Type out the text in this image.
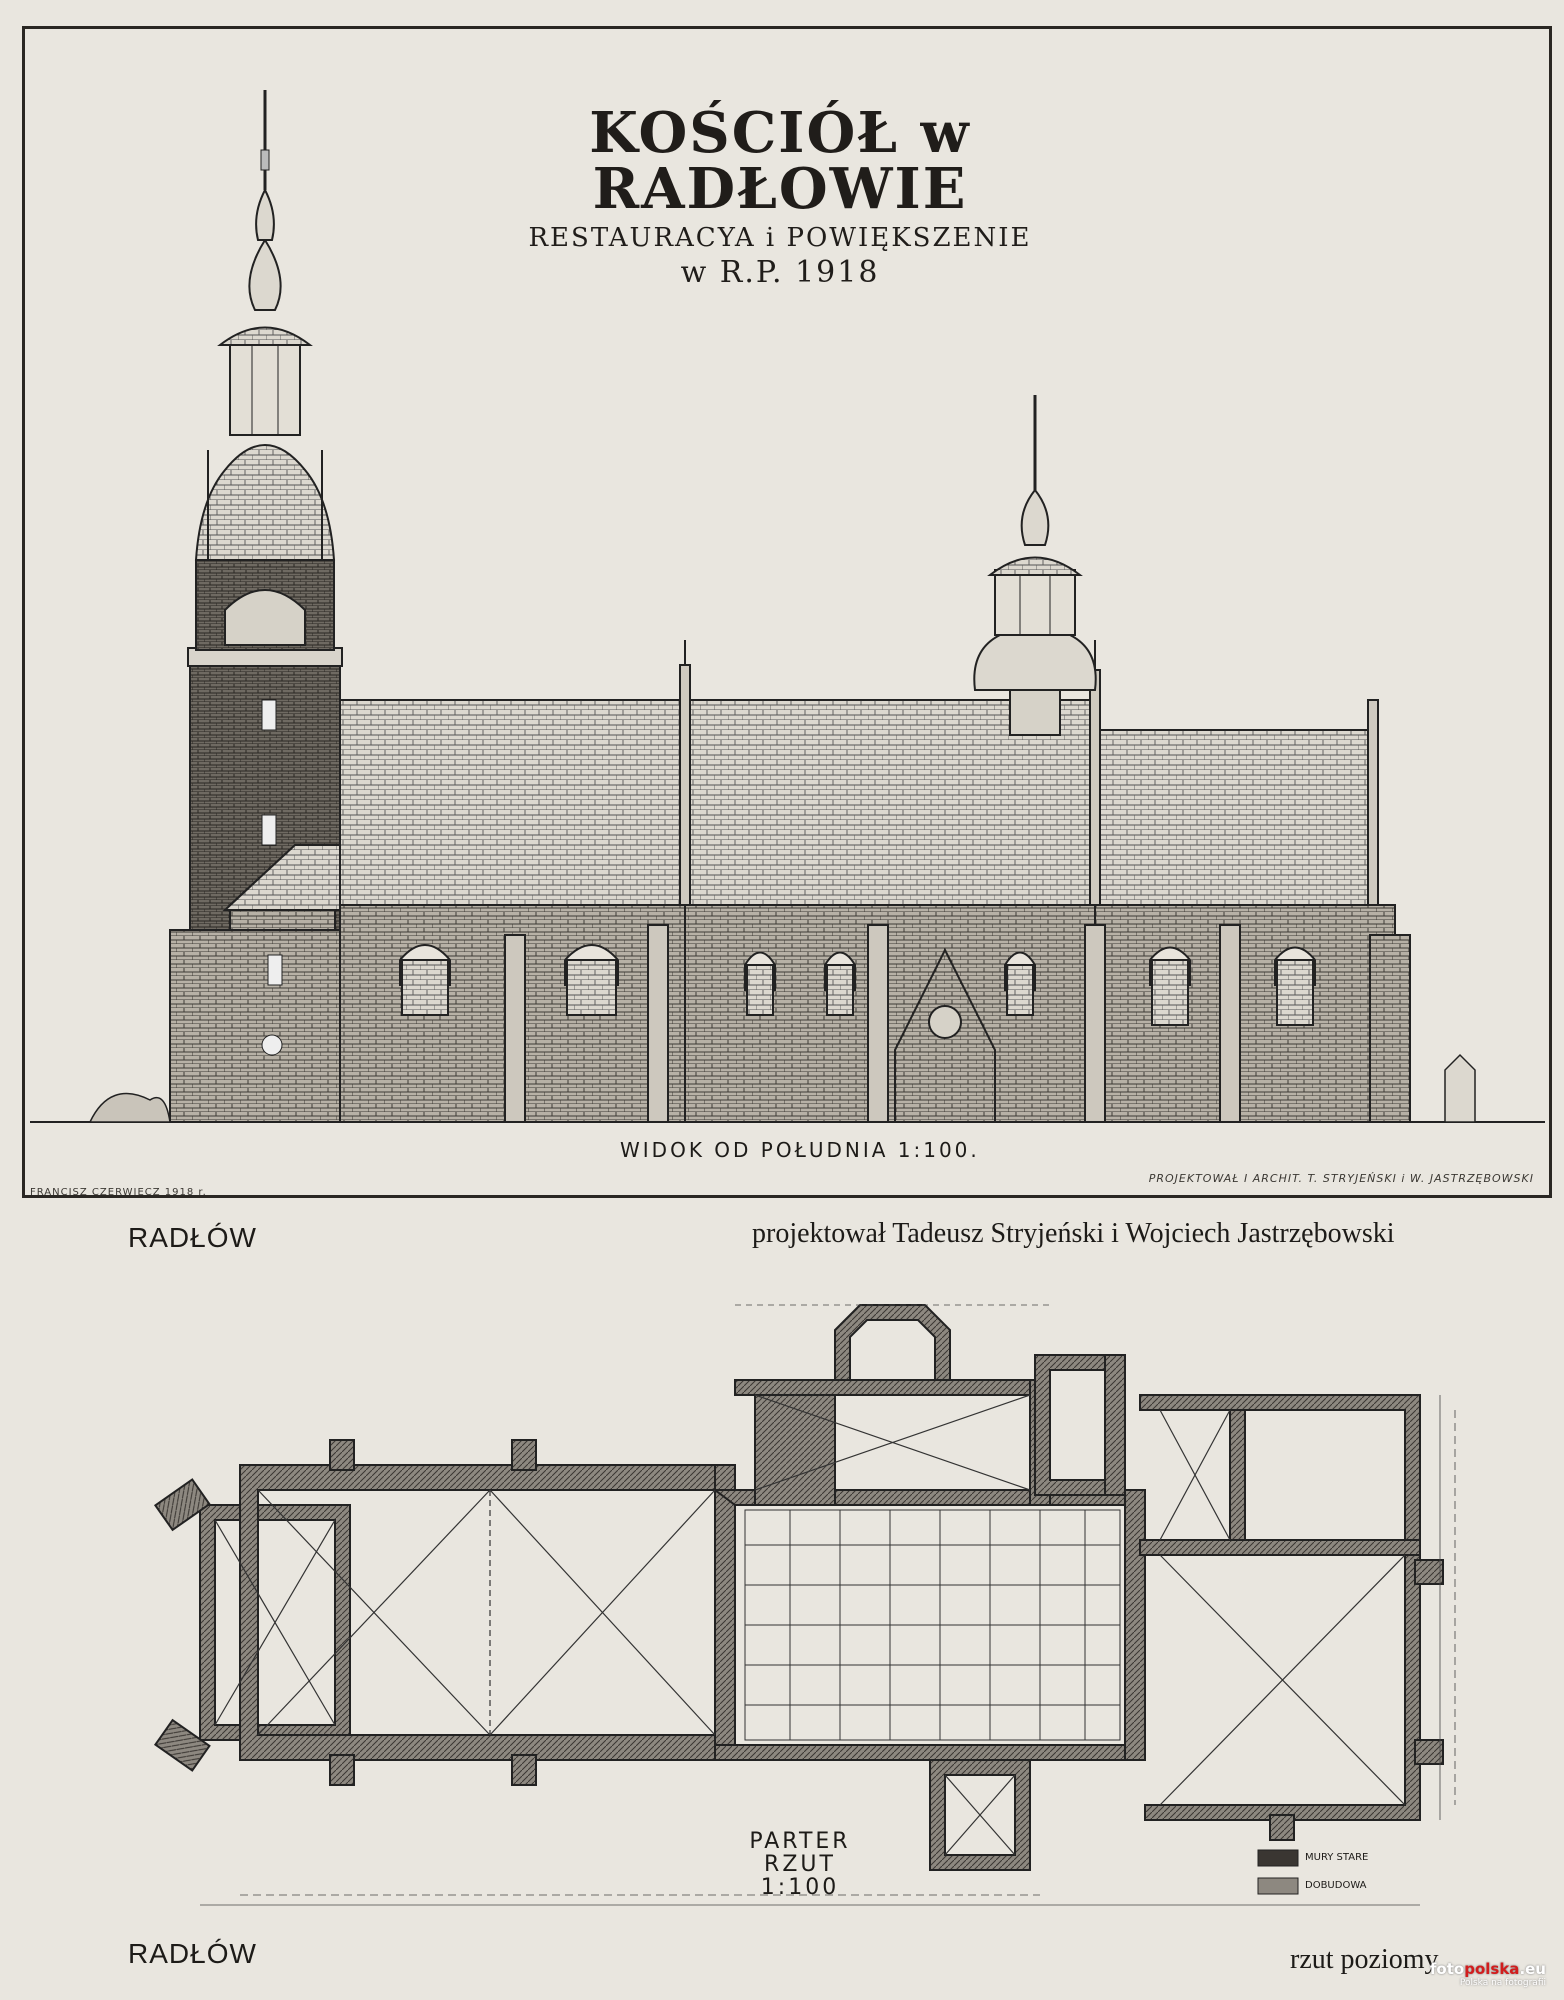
KOŚCIÓŁ w RADŁOWIE
RESTAURACYA i POWIĘKSZENIE
w R.P. 1918
WIDOK OD POŁUDNIA 1:100.
FRANCISZ CZERWIECZ 1918 r.
PROJEKTOWAŁ I ARCHIT. T. STRYJEŃSKI i W. JASTRZĘBOWSKI
RADŁÓW	projektował Tadeusz Stryjeński i Wojciech Jastrzębowski
MURY STARE
DOBUDOWA
PARTER
RZUT 1:100
RADŁÓW	rzut poziomy
fotopolska.eu
Polska na fotografii
